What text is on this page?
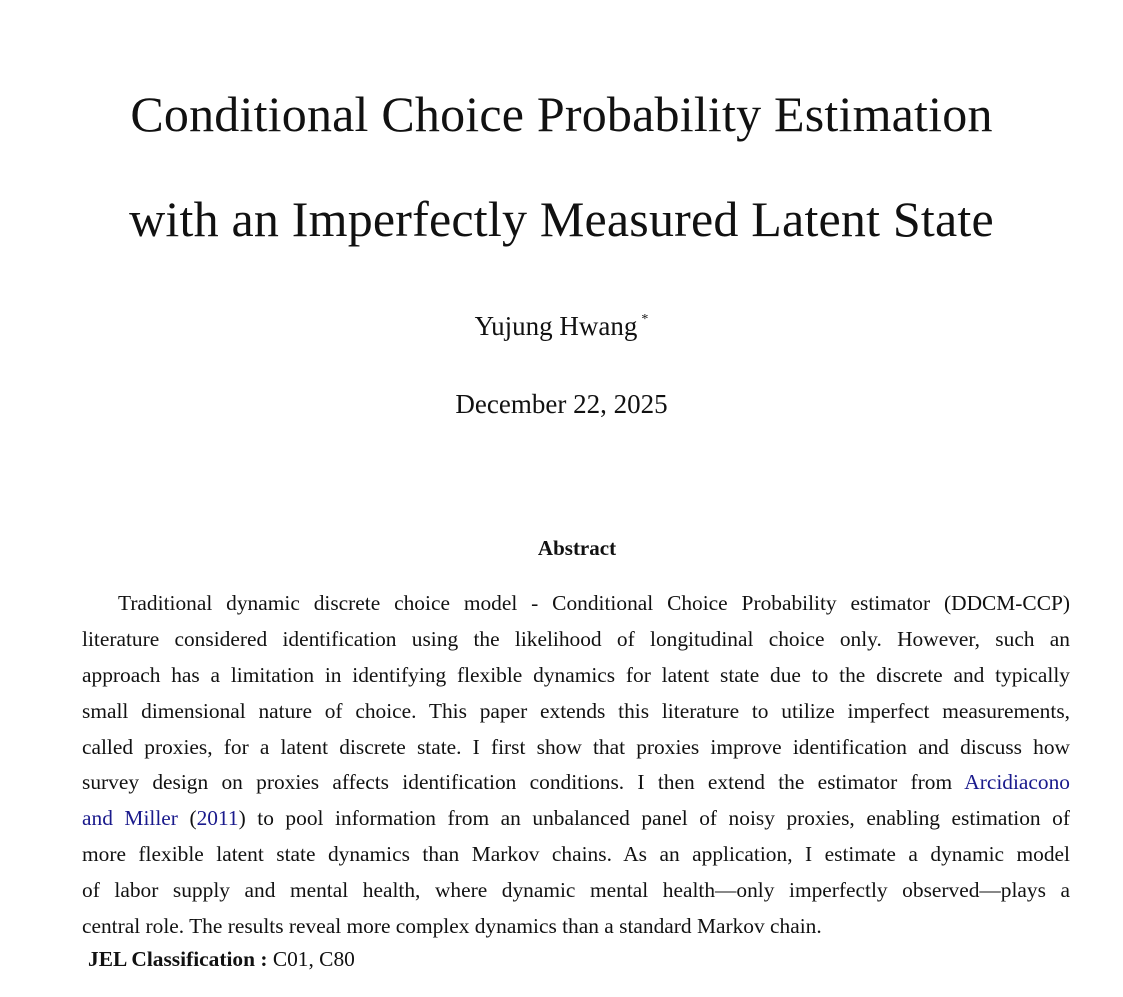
Conditional Choice Probability Estimation
with an Imperfectly Measured Latent State
Yujung Hwang *
December 22, 2025
Abstract
Traditional dynamic discrete choice model - Conditional Choice Probability estimator (DDCM-CCP)
literature considered identification using the likelihood of longitudinal choice only. However, such an
approach has a limitation in identifying flexible dynamics for latent state due to the discrete and typically
small dimensional nature of choice. This paper extends this literature to utilize imperfect measurements,
called proxies, for a latent discrete state. I first show that proxies improve identification and discuss how
survey design on proxies affects identification conditions. I then extend the estimator from Arcidiacono
and Miller (2011) to pool information from an unbalanced panel of noisy proxies, enabling estimation of
more flexible latent state dynamics than Markov chains. As an application, I estimate a dynamic model
of labor supply and mental health, where dynamic mental health—only imperfectly observed—plays a
central role. The results reveal more complex dynamics than a standard Markov chain.
JEL Classification : C01, C80
